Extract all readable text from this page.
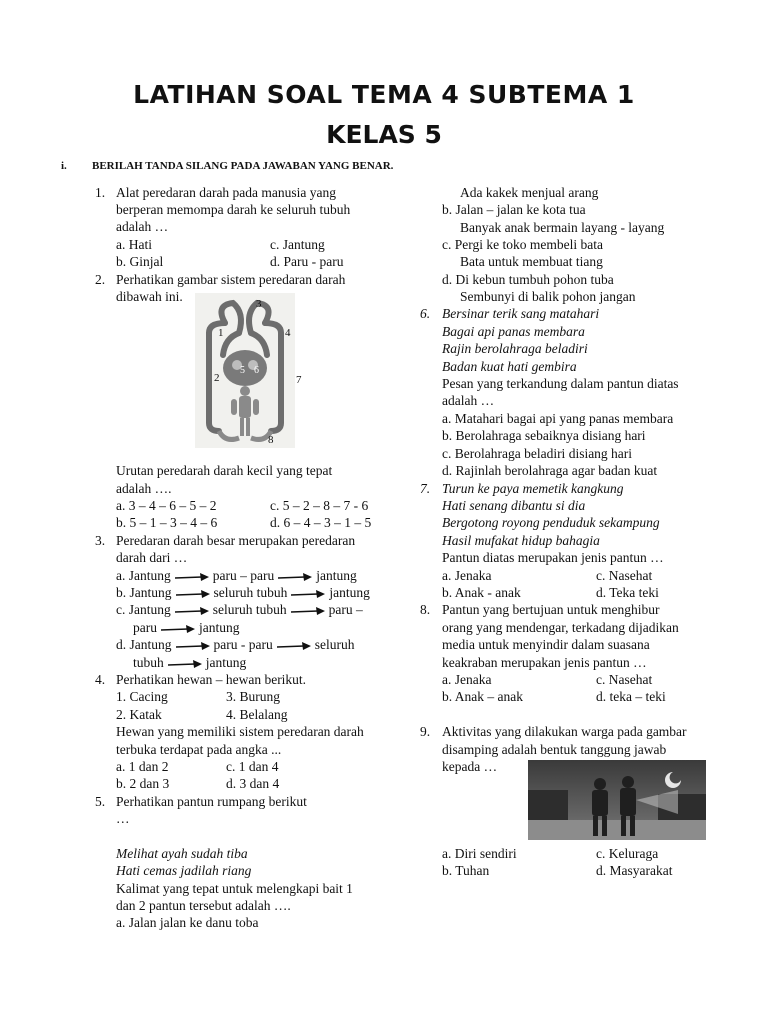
LATIHAN SOAL TEMA 4 SUBTEMA 1
KELAS 5
i. BERILAH TANDA SILANG PADA JAWABAN YANG BENAR.
1. Alat peredaran darah pada manusia yang
berperan memompa darah ke seluruh tubuh
adalah …
a. Hati	c. Jantung
b. Ginjal	d. Paru - paru
2. Perhatikan gambar sistem peredaran darah
dibawah ini.	3
1	4
2
5 6
7
8
Urutan peredarah darah kecil yang tepat
adalah ….
a. 3 – 4 – 6 – 5 – 2	c. 5 – 2 – 8 – 7 - 6
b. 5 – 1 – 3 – 4 – 6	d. 6 – 4 – 3 – 1 – 5
3. Peredaran darah besar merupakan peredaran
darah dari …
a. Jantung	paru – paru	jantung
b. Jantung	seluruh tubuh	jantung
c. Jantung	seluruh tubuh	paru –
paru	jantung
d. Jantung	paru - paru	seluruh
tubuh	jantung
4. Perhatikan hewan – hewan berikut.
1. Cacing	3. Burung
2. Katak	4. Belalang
Hewan yang memiliki sistem peredaran darah
terbuka terdapat pada angka ...
a. 1 dan 2	c. 1 dan 4
b. 2 dan 3	d. 3 dan 4
5. Perhatikan pantun rumpang berikut
…
Melihat ayah sudah tiba
Hati cemas jadilah riang
Kalimat yang tepat untuk melengkapi bait 1
dan 2 pantun tersebut adalah ….
a. Jalan jalan ke danu toba
Ada kakek menjual arang
b. Jalan – jalan ke kota tua
Banyak anak bermain layang - layang
c. Pergi ke toko membeli bata
Bata untuk membuat tiang
d. Di kebun tumbuh pohon tuba
Sembunyi di balik pohon jangan
6. Bersinar terik sang matahari
Bagai api panas membara
Rajin berolahraga beladiri
Badan kuat hati gembira
Pesan yang terkandung dalam pantun diatas
adalah …
a. Matahari bagai api yang panas membara
b. Berolahraga sebaiknya disiang hari
c. Berolahraga beladiri disiang hari
d. Rajinlah berolahraga agar badan kuat
7. Turun ke paya memetik kangkung
Hati senang dibantu si dia
Bergotong royong penduduk sekampung
Hasil mufakat hidup bahagia
Pantun diatas merupakan jenis pantun …
a. Jenaka	c. Nasehat
b. Anak - anak	d. Teka teki
8. Pantun yang bertujuan untuk menghibur
orang yang mendengar, terkadang dijadikan
media untuk menyindir dalam suasana
keakraban merupakan jenis pantun …
a. Jenaka	c. Nasehat
b. Anak – anak	d. teka – teki
9. Aktivitas yang dilakukan warga pada gambar
disamping adalah bentuk tanggung jawab
kepada …
a. Diri sendiri	c. Keluraga
b. Tuhan	d. Masyarakat
